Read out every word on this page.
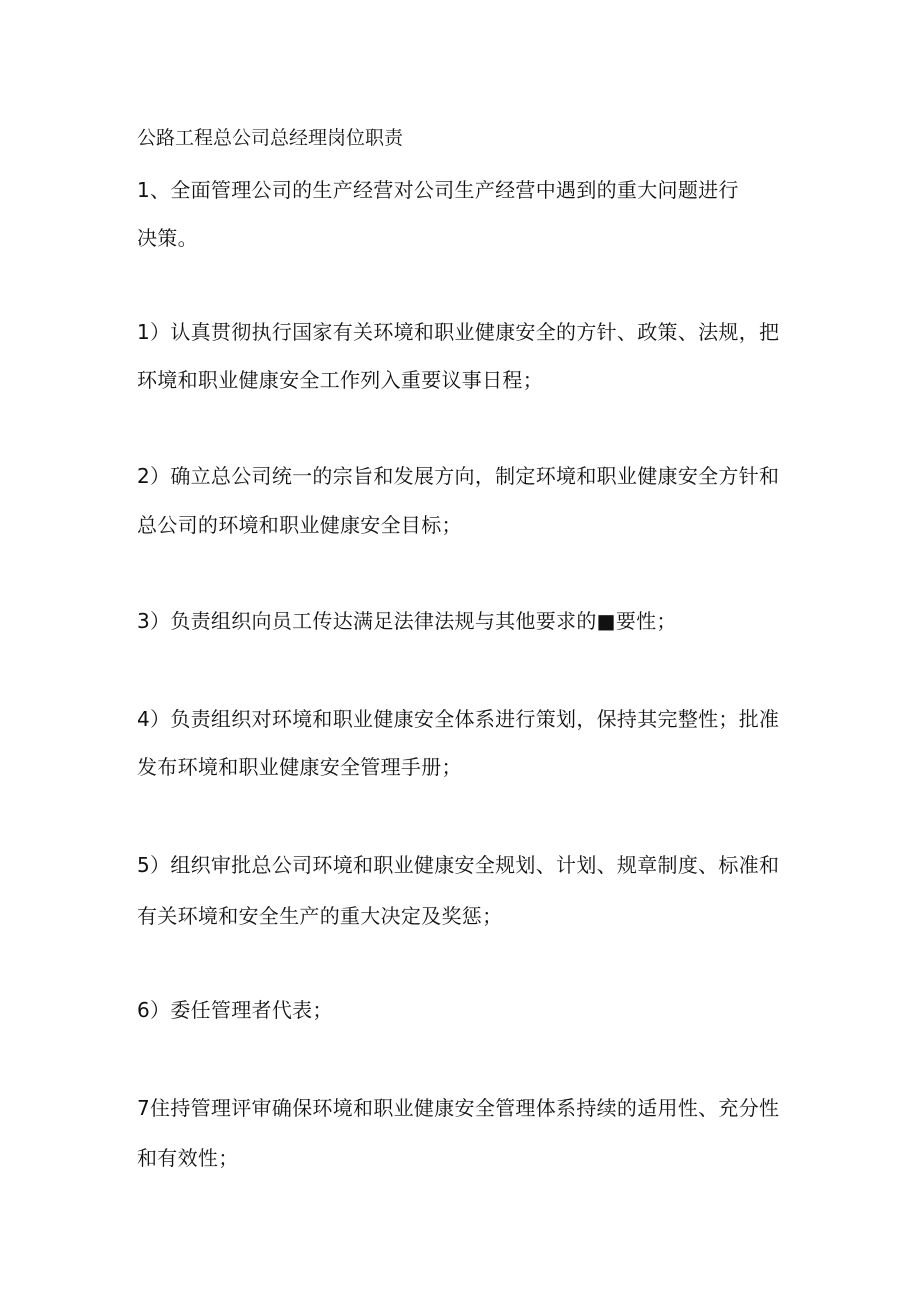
公路工程总公司总经理岗位职责
1、全面管理公司的生产经营对公司生产经营中遇到的重大问题进行
决策。
1）认真贯彻执行国家有关环境和职业健康安全的方针、政策、法规，把
环境和职业健康安全工作列入重要议事日程；
2）确立总公司统一的宗旨和发展方向，制定环境和职业健康安全方针和
总公司的环境和职业健康安全目标；
3）负责组织向员工传达满足法律法规与其他要求的■要性；
4）负责组织对环境和职业健康安全体系进行策划，保持其完整性；批准
发布环境和职业健康安全管理手册；
5）组织审批总公司环境和职业健康安全规划、计划、规章制度、标准和
有关环境和安全生产的重大决定及奖惩；
6）委任管理者代表；
7住持管理评审确保环境和职业健康安全管理体系持续的适用性、充分性
和有效性；
